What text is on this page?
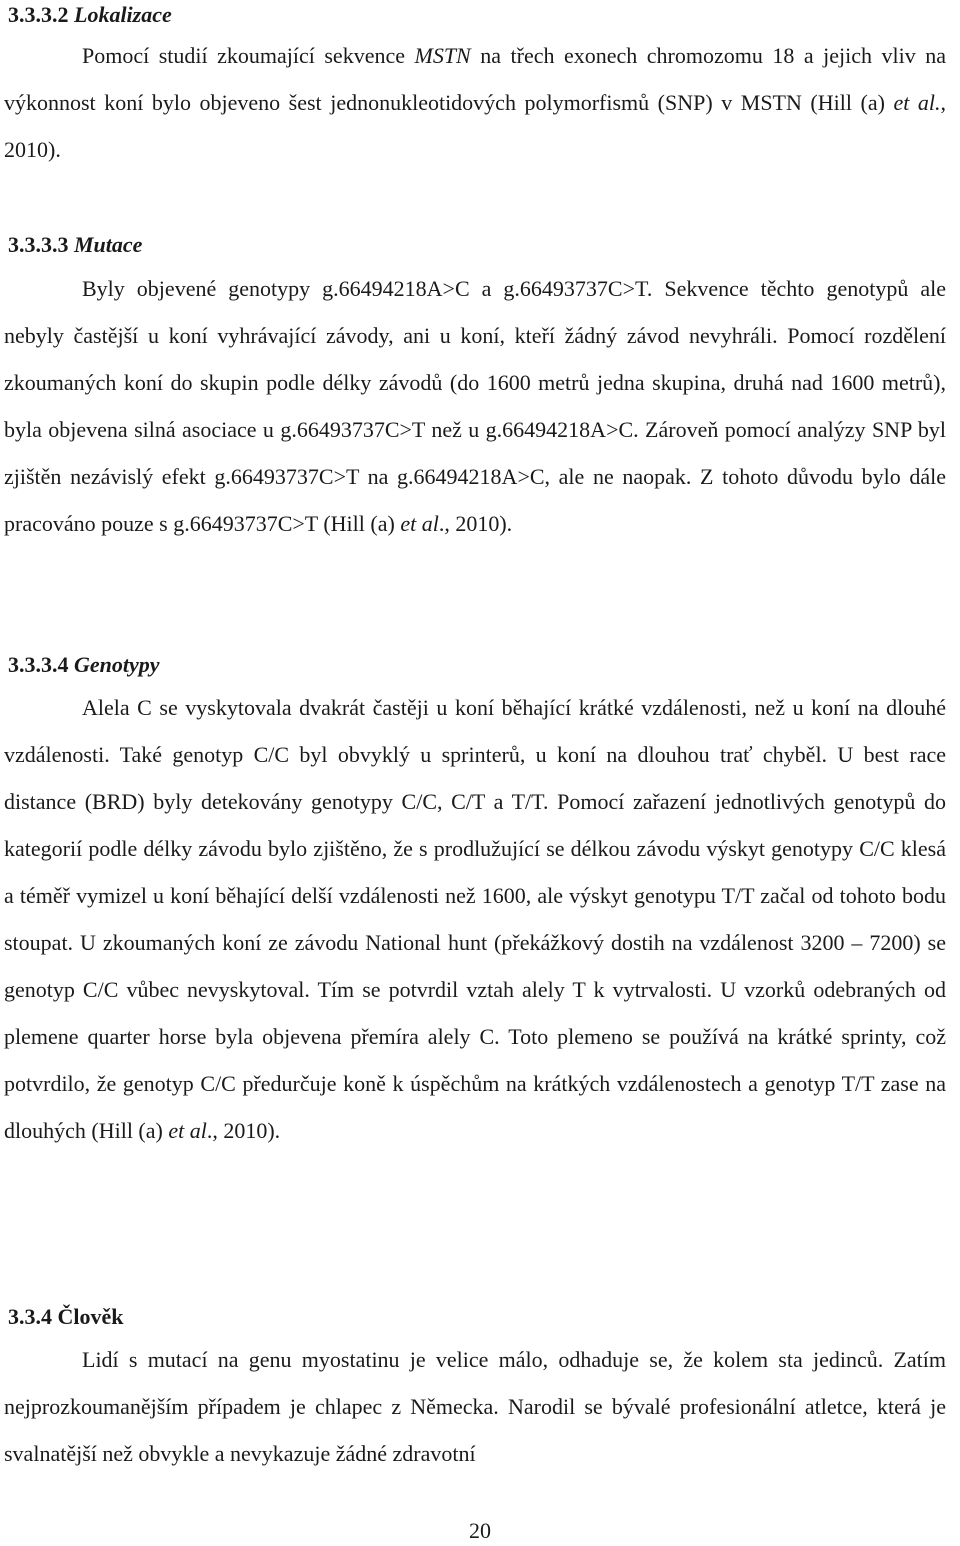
3.3.3.2 Lokalizace

Pomocí studií zkoumající sekvence MSTN na třech exonech chromozomu 18 a jejich vliv na výkonnost koní bylo objeveno šest jednonukleotidových polymorfismů (SNP) v MSTN (Hill (a) et al., 2010).

3.3.3.3 Mutace

Byly objevené genotypy g.66494218A>C a g.66493737C>T. Sekvence těchto genotypů ale nebyly častější u koní vyhrávající závody, ani u koní, kteří žádný závod nevyhráli. Pomocí rozdělení zkoumaných koní do skupin podle délky závodů (do 1600 metrů jedna skupina, druhá nad 1600 metrů), byla objevena silná asociace u g.66493737C>T než u g.66494218A>C. Zároveň pomocí analýzy SNP byl zjištěn nezávislý efekt g.66493737C>T na g.66494218A>C, ale ne naopak. Z tohoto důvodu bylo dále pracováno pouze s g.66493737C>T (Hill (a) et al., 2010).

3.3.3.4 Genotypy

Alela C se vyskytovala dvakrát častěji u koní běhající krátké vzdálenosti, než u koní na dlouhé vzdálenosti. Také genotyp C/C byl obvyklý u sprinterů, u koní na dlouhou trať chyběl. U best race distance (BRD) byly detekovány genotypy C/C, C/T a T/T. Pomocí zařazení jednotlivých genotypů do kategorií podle délky závodu bylo zjištěno, že s prodlužující se délkou závodu výskyt genotypy C/C klesá a téměř vymizel u koní běhající delší vzdálenosti než 1600, ale výskyt genotypu T/T začal od tohoto bodu stoupat. U zkoumaných koní ze závodu National hunt (překážkový dostih na vzdálenost 3200 – 7200) se genotyp C/C vůbec nevyskytoval. Tím se potvrdil vztah alely T k vytrvalosti. U vzorků odebraných od plemene quarter horse byla objevena přemíra alely C. Toto plemeno se používá na krátké sprinty, což potvrdilo, že genotyp C/C předurčuje koně k úspěchům na krátkých vzdálenostech a genotyp T/T zase na dlouhých (Hill (a) et al., 2010).

3.3.4 Člověk

Lidí s mutací na genu myostatinu je velice málo, odhaduje se, že kolem sta jedinců. Zatím nejprozkoumanějším případem je chlapec z Německa. Narodil se bývalé profesionální atletce, která je svalnatější než obvykle a nevykazuje žádné zdravotní

20
